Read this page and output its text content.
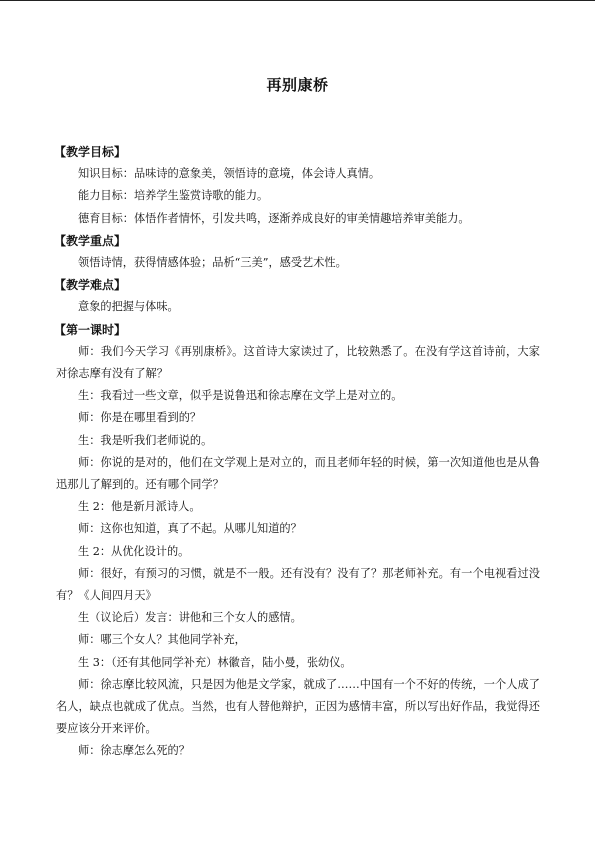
再别康桥
【教学目标】
知识目标：品味诗的意象美，领悟诗的意境，体会诗人真情。
能力目标：培养学生鉴赏诗歌的能力。
德育目标：体悟作者情怀，引发共鸣，逐渐养成良好的审美情趣培养审美能力。
【教学重点】
领悟诗情，获得情感体验；品析“三美”，感受艺术性。
【教学难点】
意象的把握与体味。
【第一课时】
师：我们今天学习《再别康桥》。这首诗大家读过了，比较熟悉了。在没有学这首诗前，大家对徐志摩有没有了解？
生：我看过一些文章，似乎是说鲁迅和徐志摩在文学上是对立的。
师：你是在哪里看到的？
生：我是听我们老师说的。
师：你说的是对的，他们在文学观上是对立的，而且老师年轻的时候，第一次知道他也是从鲁迅那儿了解到的。还有哪个同学？
生 2：他是新月派诗人。
师：这你也知道，真了不起。从哪儿知道的？
生 2：从优化设计的。
师：很好，有预习的习惯，就是不一般。还有没有？没有了？那老师补充。有一个电视看过没有？《人间四月天》
生（议论后）发言：讲他和三个女人的感情。
师：哪三个女人？其他同学补充，
生 3：（还有其他同学补充）林徽音，陆小曼，张幼仪。
师：徐志摩比较风流，只是因为他是文学家，就成了……中国有一个不好的传统，一个人成了名人，缺点也就成了优点。当然，也有人替他辩护，正因为感情丰富，所以写出好作品，我觉得还要应该分开来评价。
师：徐志摩怎么死的？
